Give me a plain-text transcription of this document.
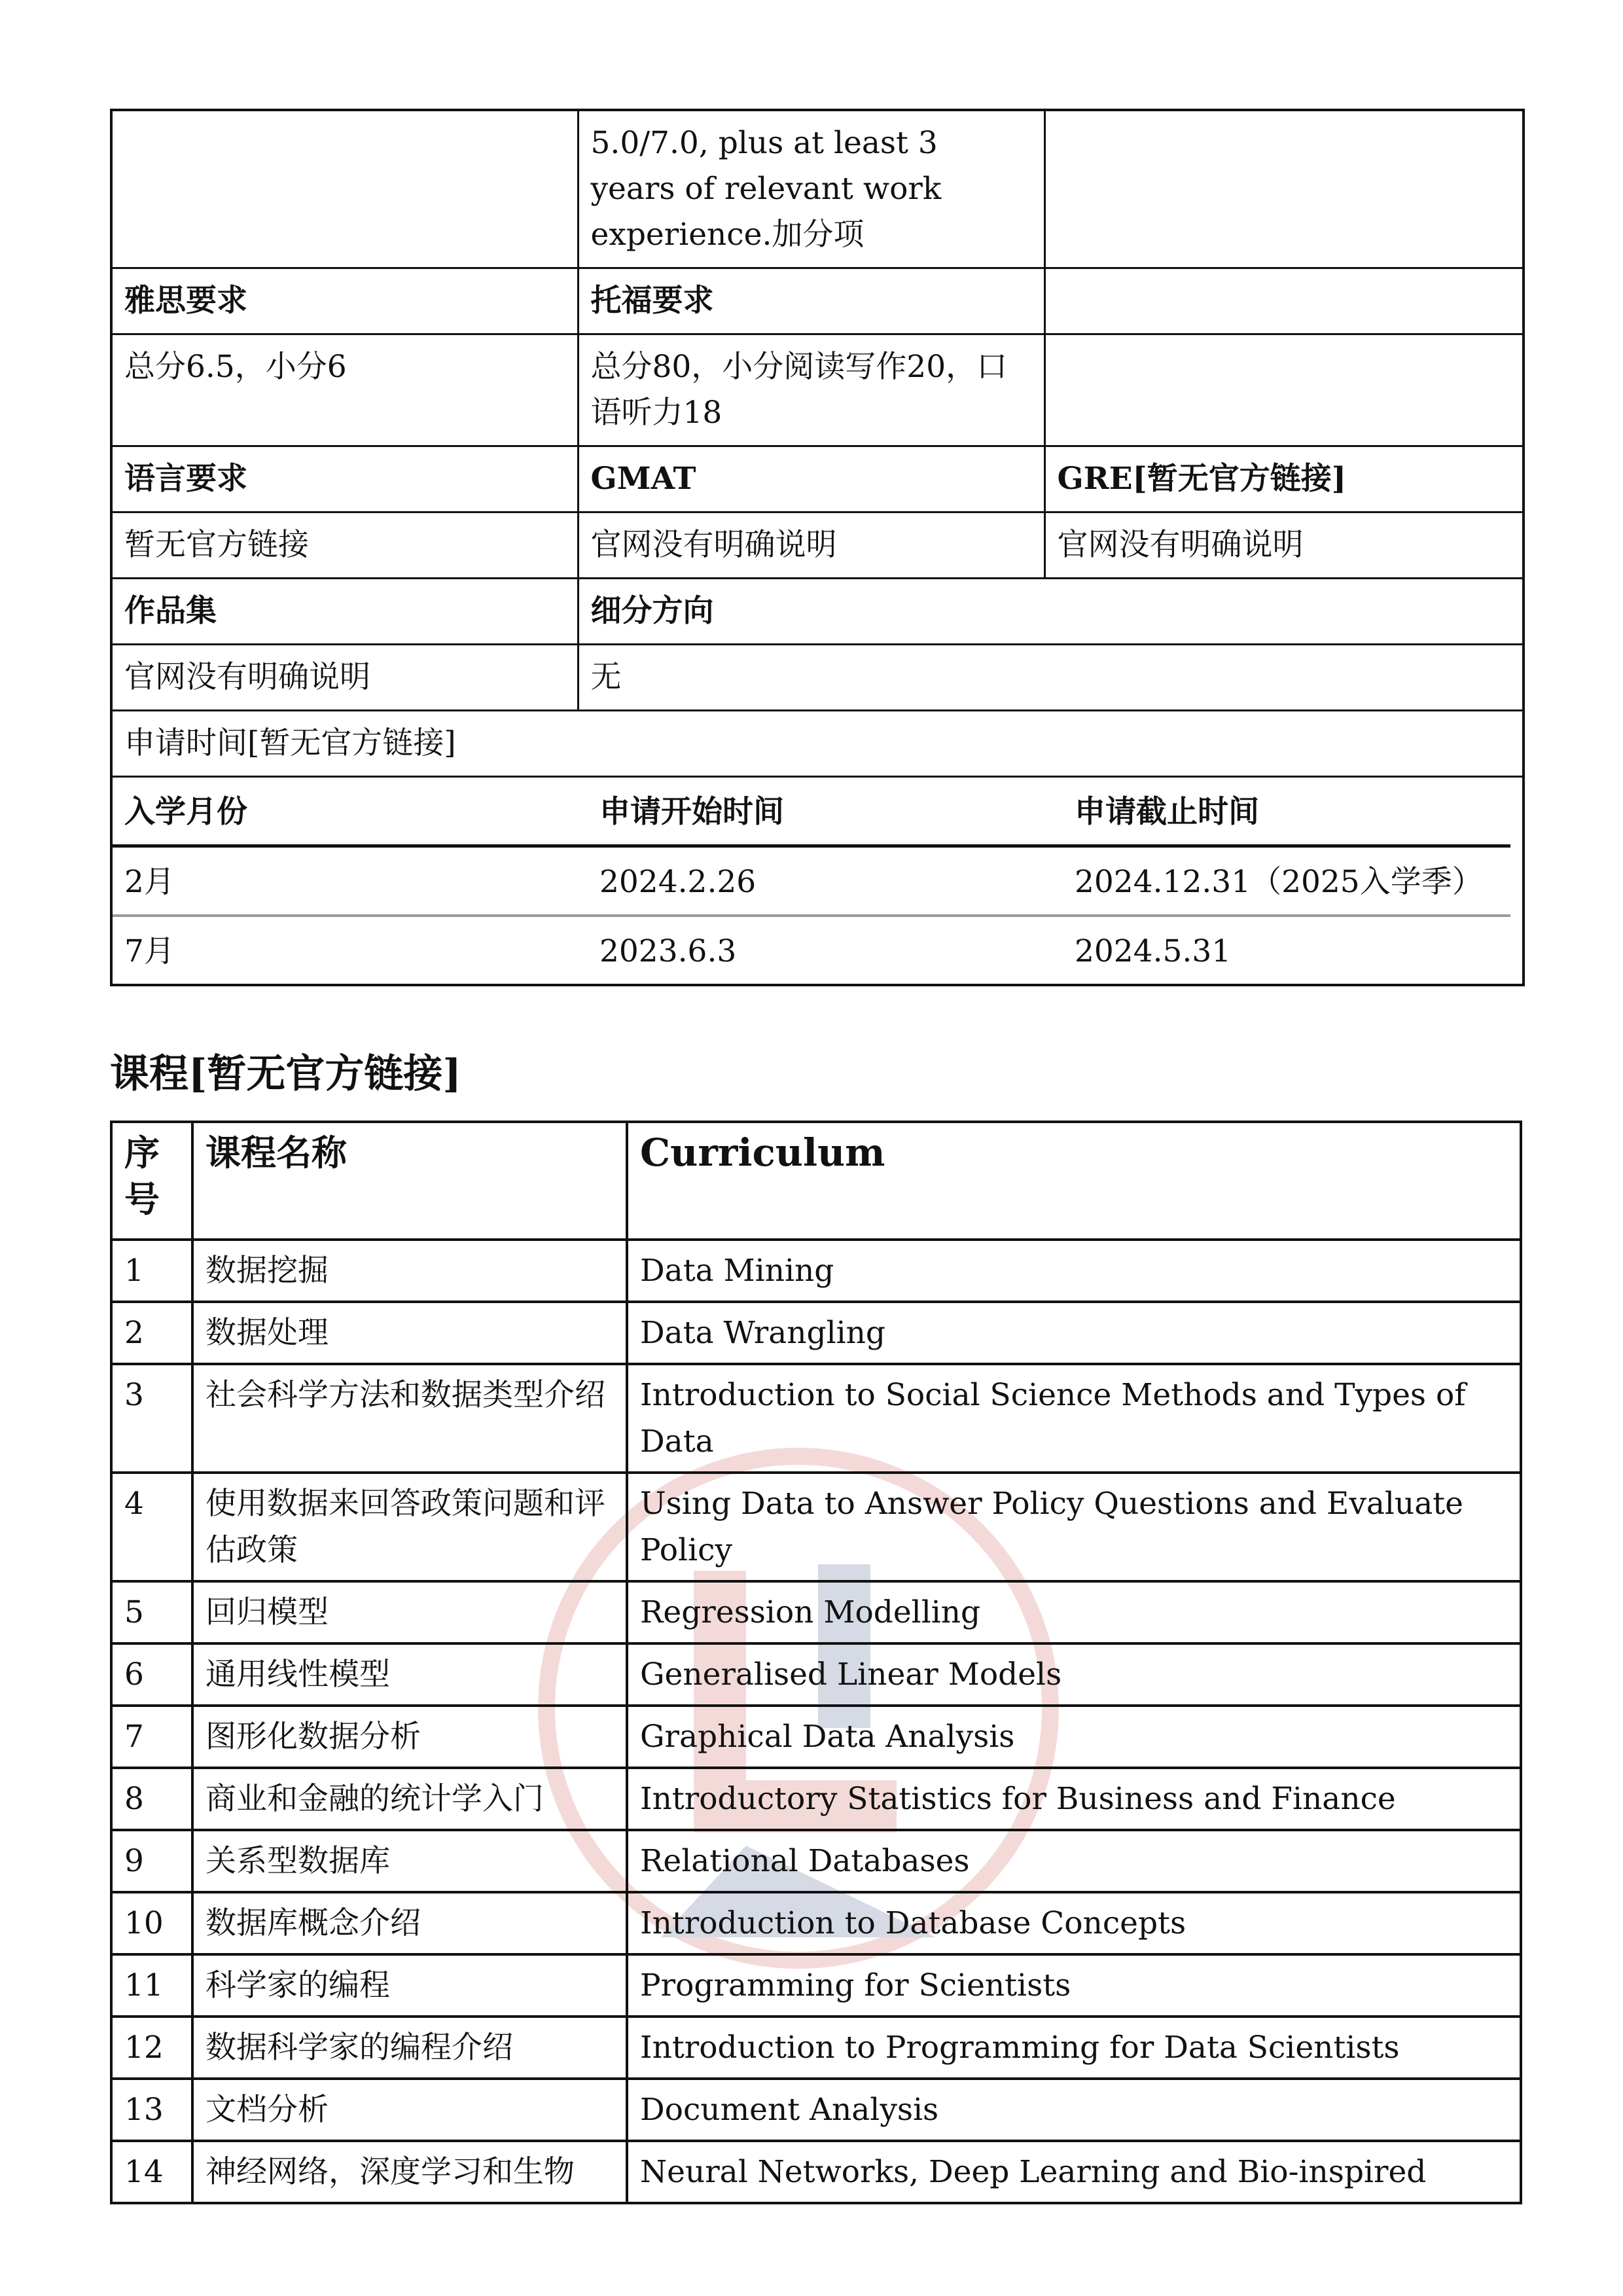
	5.0/7.0, plus at least 3 years of relevant work experience.加分项	
雅思要求	托福要求	
总分6.5，小分6	总分80，小分阅读写作20，口语听力18	
语言要求	GMAT	GRE[暂无官方链接]
暂无官方链接	官网没有明确说明	官网没有明确说明
作品集	细分方向
官网没有明确说明	无
申请时间[暂无官方链接]

入学月份	申请开始时间	申请截止时间
2月	2024.2.26	2024.12.31（2025入学季）
7月	2023.6.3	2024.5.31
课程[暂无官方链接]
序号	课程名称	Curriculum
1	数据挖掘	Data Mining
2	数据处理	Data Wrangling
3	社会科学方法和数据类型介绍	Introduction to Social Science Methods and Types of Data
4	使用数据来回答政策问题和评估政策	Using Data to Answer Policy Questions and Evaluate Policy
5	回归模型	Regression Modelling
6	通用线性模型	Generalised Linear Models
7	图形化数据分析	Graphical Data Analysis
8	商业和金融的统计学入门	Introductory Statistics for Business and Finance
9	关系型数据库	Relational Databases
10	数据库概念介绍	Introduction to Database Concepts
11	科学家的编程	Programming for Scientists
12	数据科学家的编程介绍	Introduction to Programming for Data Scientists
13	文档分析	Document Analysis
14	神经网络，深度学习和生物	Neural Networks, Deep Learning and Bio-inspired
